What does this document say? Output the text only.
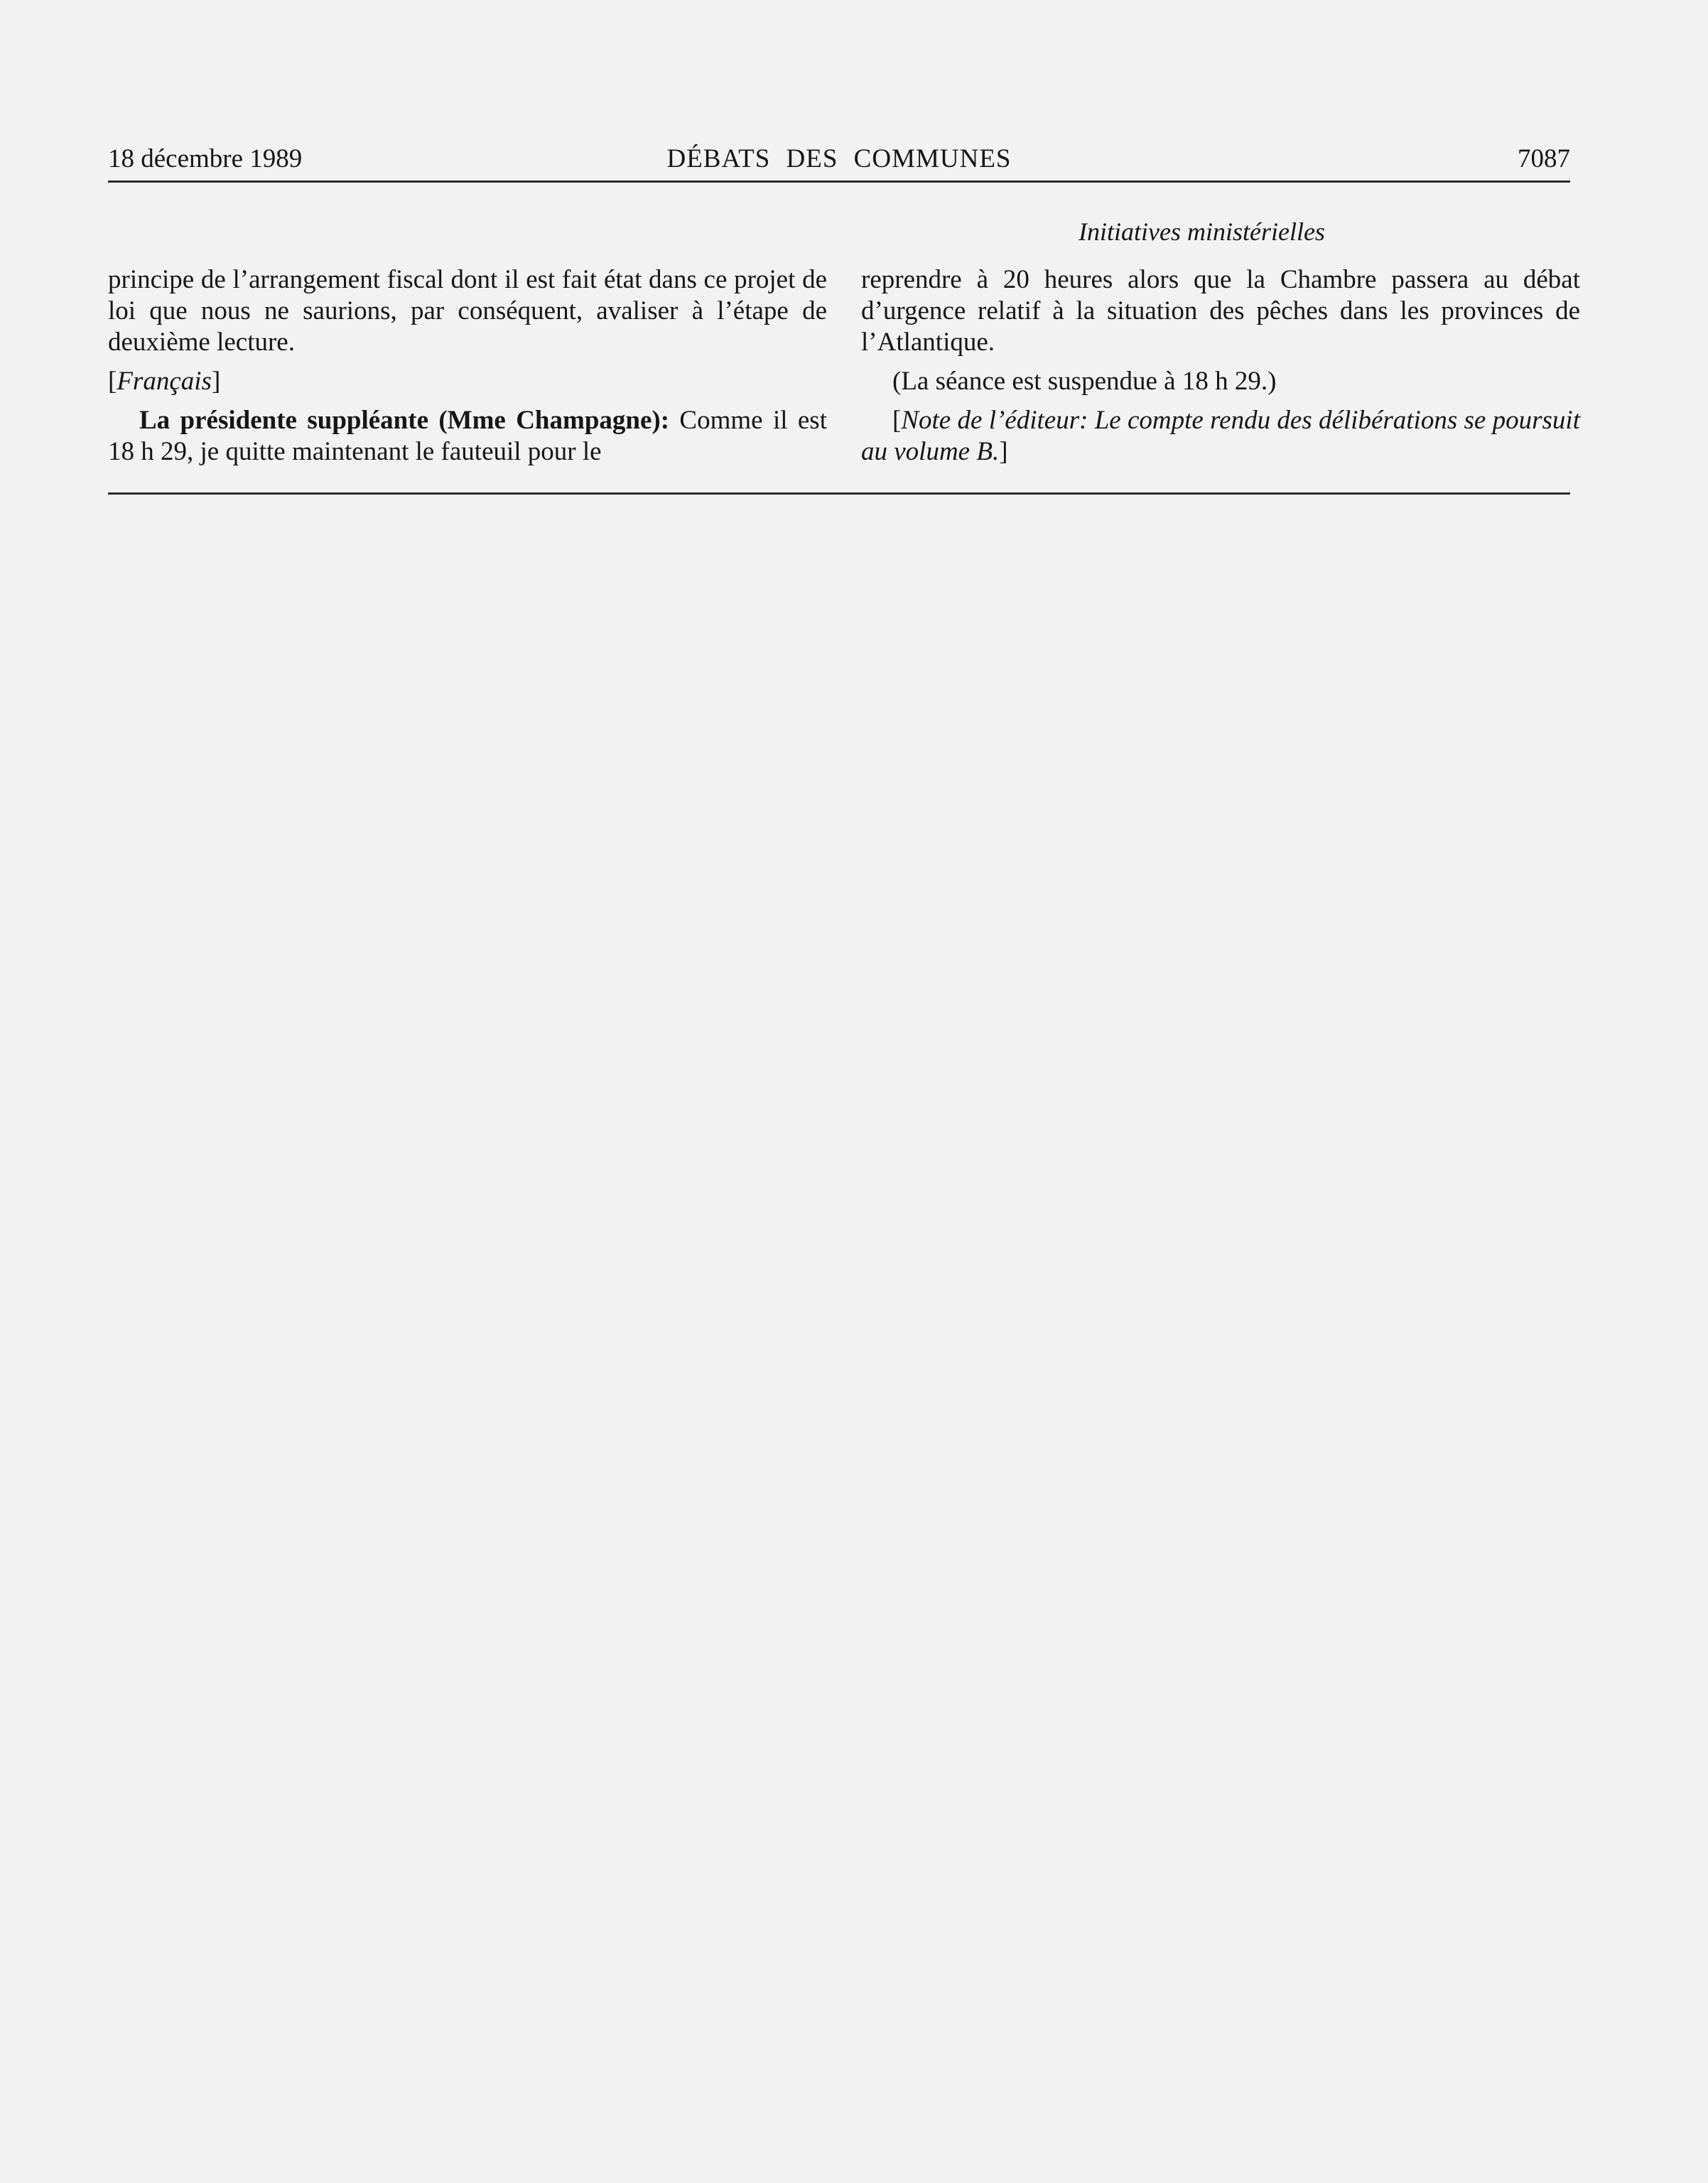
18 décembre 1989	DÉBATS DES COMMUNES	7087
Initiatives ministérielles

principe de l’arrangement fiscal dont il est fait état dans ce projet de loi que nous ne saurions, par conséquent, avaliser à l’étape de deuxième lecture.

[Français]

La présidente suppléante (Mme Champagne): Comme il est 18 h 29, je quitte maintenant le fauteuil pour le

reprendre à 20 heures alors que la Chambre passera au débat d’urgence relatif à la situation des pêches dans les provinces de l’Atlantique.

(La séance est suspendue à 18 h 29.)

[Note de l’éditeur: Le compte rendu des délibérations se poursuit au volume B.]
